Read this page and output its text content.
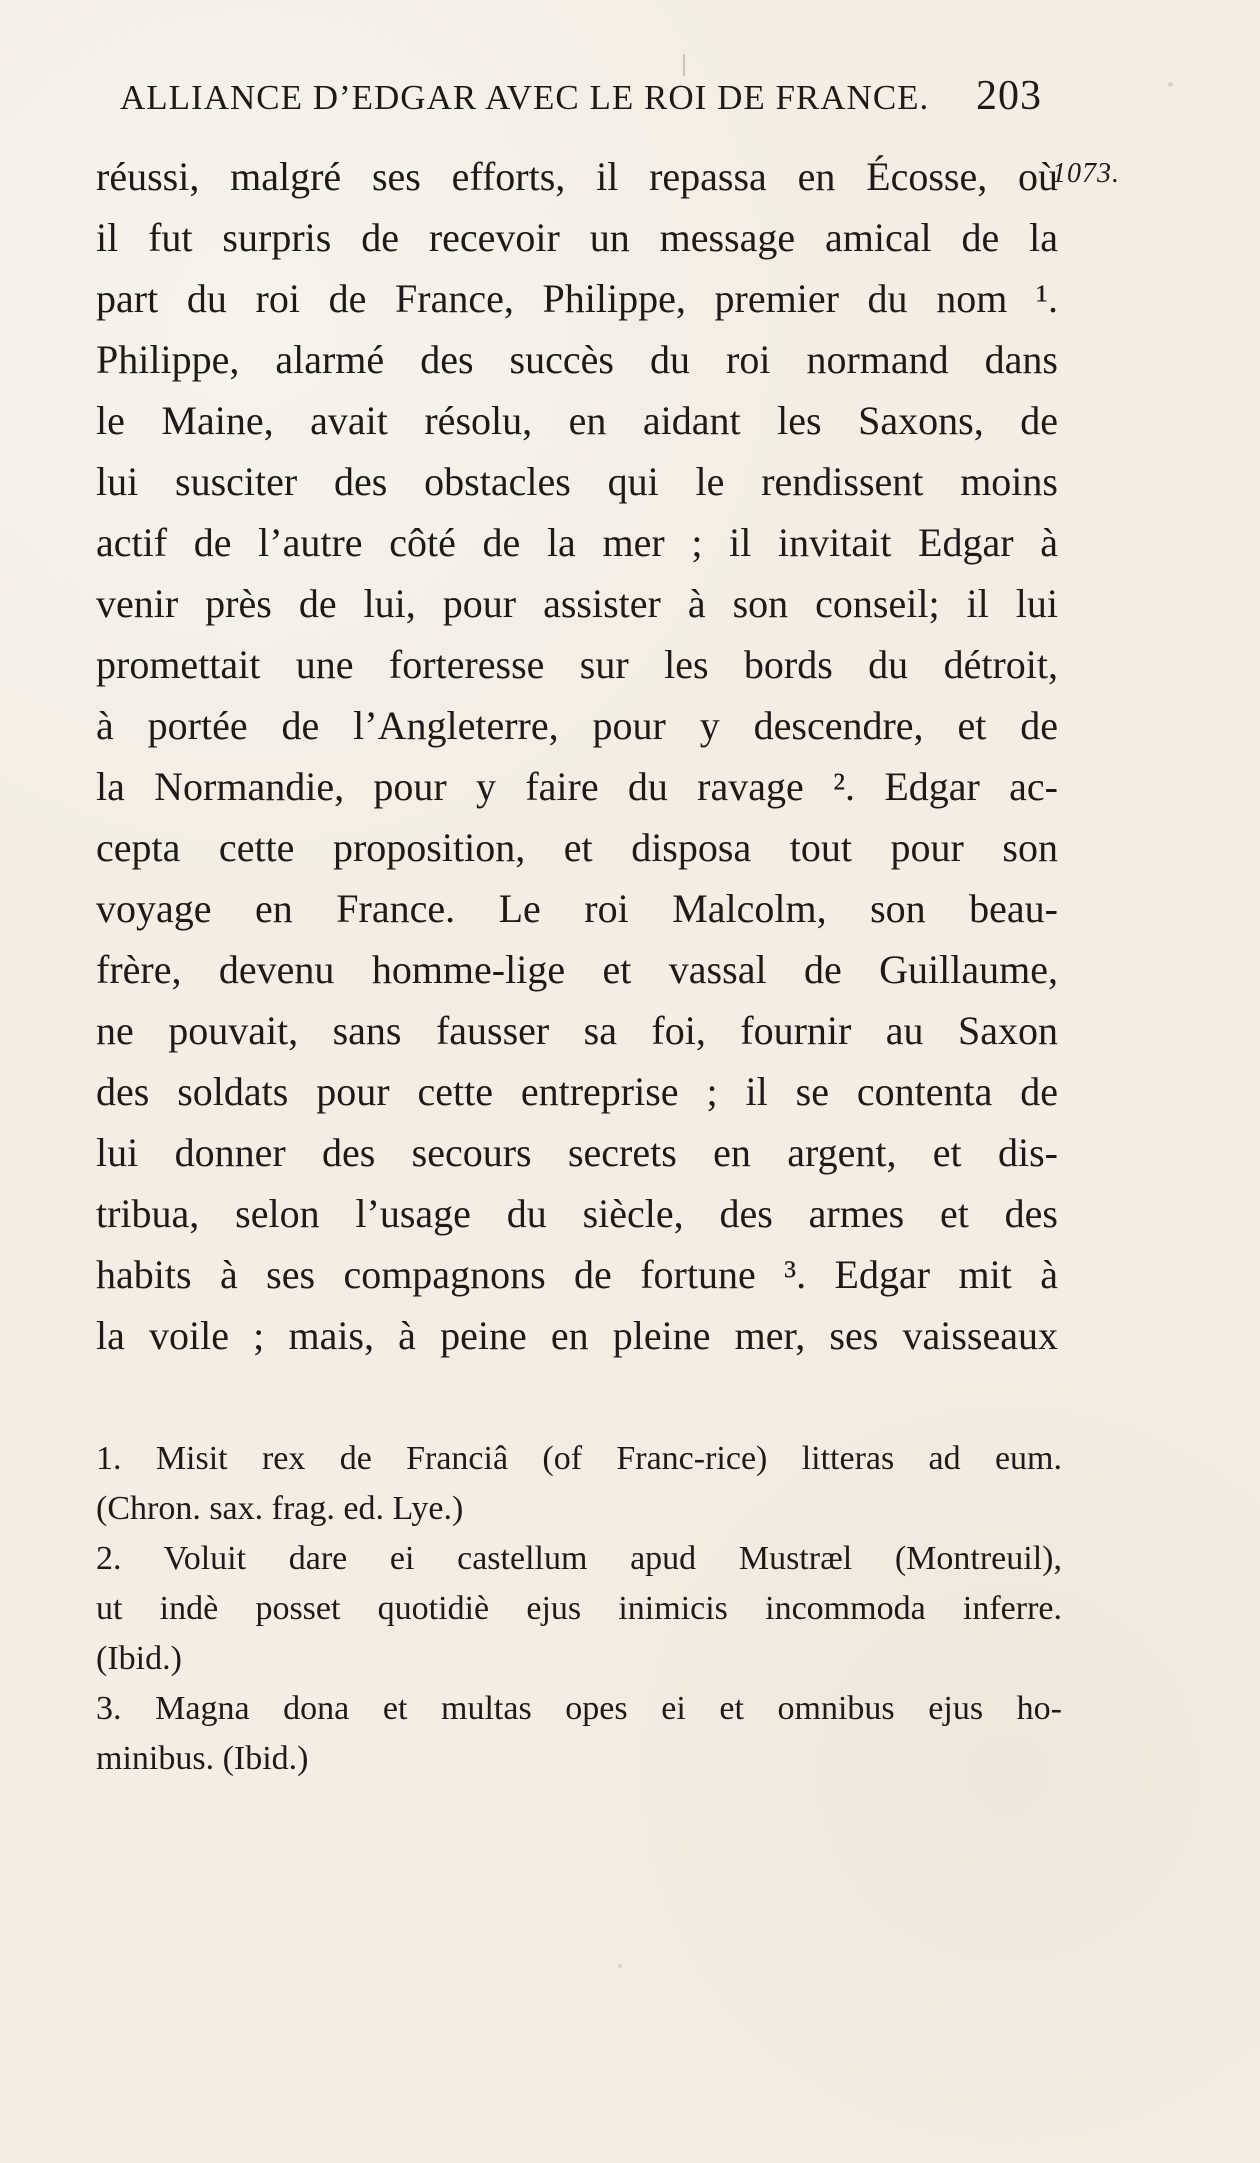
ALLIANCE D’EDGAR AVEC LE ROI DE FRANCE.	203
1073.
réussi, malgré ses efforts, il repassa en Écosse, où
il fut surpris de recevoir un message amical de la
part du roi de France, Philippe, premier du nom ¹.
Philippe, alarmé des succès du roi normand dans
le Maine, avait résolu, en aidant les Saxons, de
lui susciter des obstacles qui le rendissent moins
actif de l’autre côté de la mer ; il invitait Edgar à
venir près de lui, pour assister à son conseil; il lui
promettait une forteresse sur les bords du détroit,
à portée de l’Angleterre, pour y descendre, et de
la Normandie, pour y faire du ravage ². Edgar ac-
cepta cette proposition, et disposa tout pour son
voyage en France. Le roi Malcolm, son beau-
frère, devenu homme-lige et vassal de Guillaume,
ne pouvait, sans fausser sa foi, fournir au Saxon
des soldats pour cette entreprise ; il se contenta de
lui donner des secours secrets en argent, et dis-
tribua, selon l’usage du siècle, des armes et des
habits à ses compagnons de fortune ³. Edgar mit à
la voile ; mais, à peine en pleine mer, ses vaisseaux
1. Misit rex de Franciâ (of Franc-rice) litteras ad eum.
(Chron. sax. frag. ed. Lye.)
2. Voluit dare ei castellum apud Mustræl (Montreuil),
ut indè posset quotidiè ejus inimicis incommoda inferre.
(Ibid.)
3. Magna dona et multas opes ei et omnibus ejus ho-
minibus. (Ibid.)
